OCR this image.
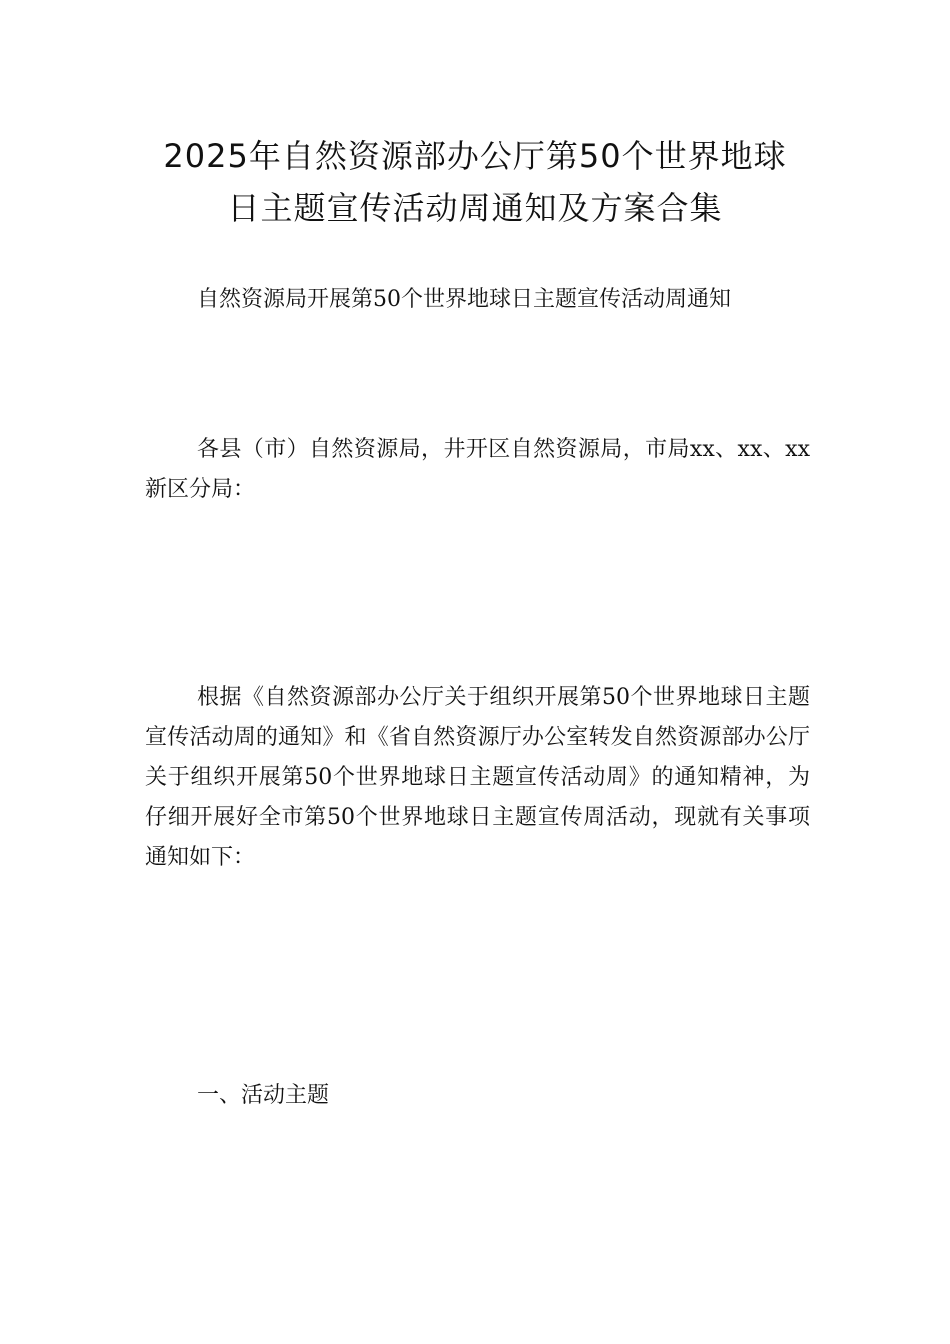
2025年自然资源部办公厅第50个世界地球
日主题宣传活动周通知及方案合集

自然资源局开展第50个世界地球日主题宣传活动周通知

各县（市）自然资源局，井开区自然资源局，市局xx、xx、xx新区分局：

根据《自然资源部办公厅关于组织开展第50个世界地球日主题宣传活动周的通知》和《省自然资源厅办公室转发自然资源部办公厅关于组织开展第50个世界地球日主题宣传活动周》的通知精神，为仔细开展好全市第50个世界地球日主题宣传周活动，现就有关事项通知如下：

一、活动主题
